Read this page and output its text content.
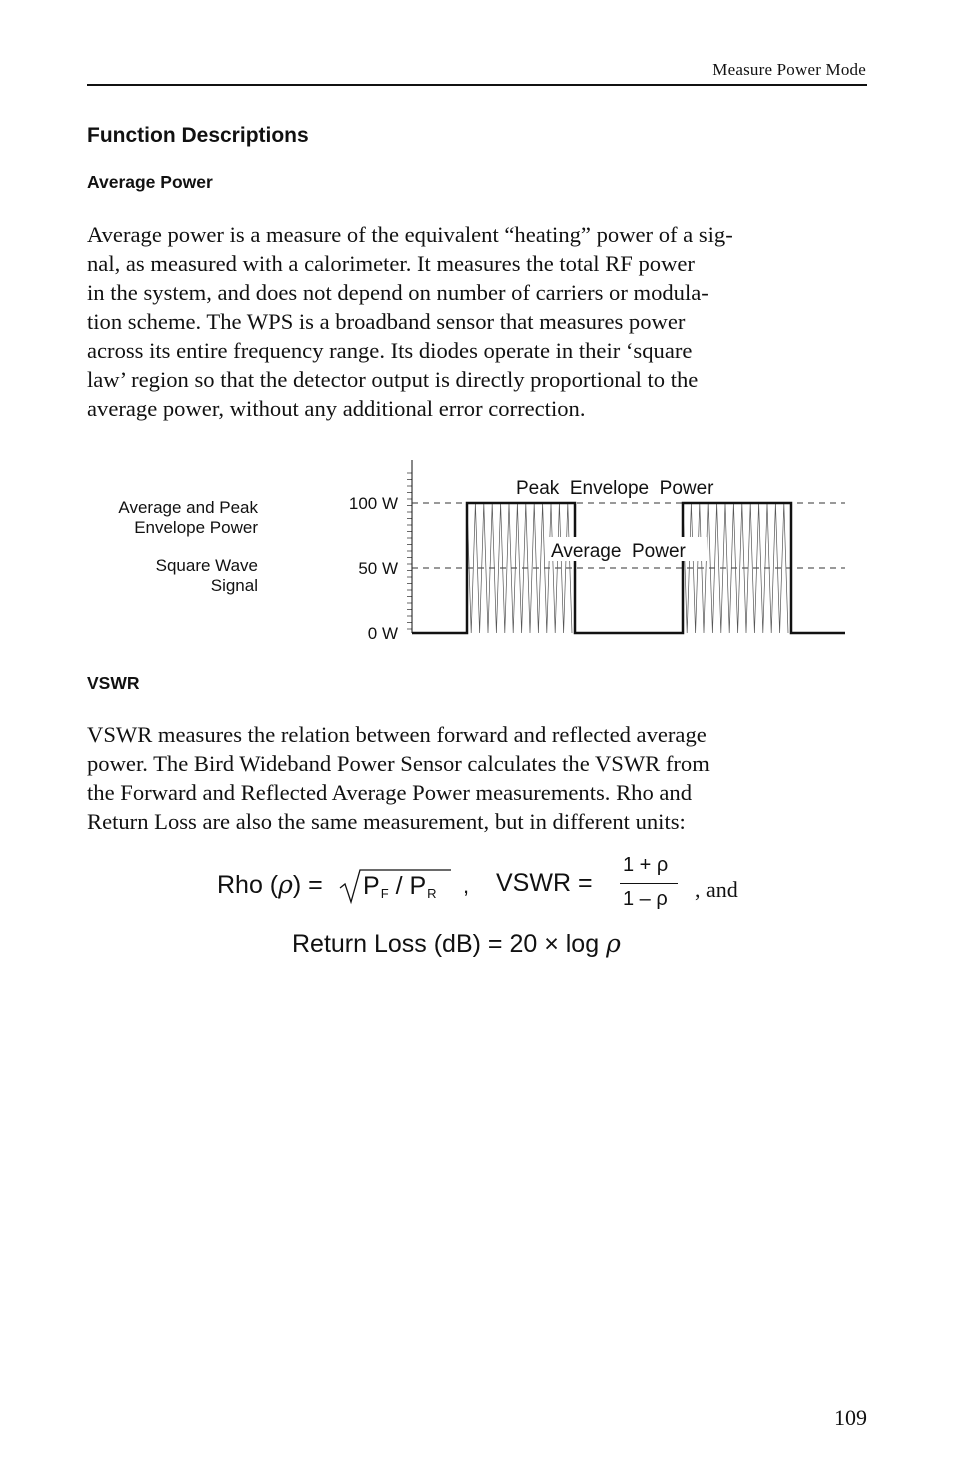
Measure Power Mode
Function Descriptions
Average Power

Average power is a measure of the equivalent “heating” power of a sig-
nal, as measured with a calorimeter. It measures the total RF power
in the system, and does not depend on number of carriers or modula-
tion scheme. The WPS is a broadband sensor that measures power
across its entire frequency range. Its diodes operate in their ‘square
law’ region so that the detector output is directly proportional to the
average power, without any additional error correction.

Average and Peak
Envelope Power
Square Wave
Signal
100 W
50 W
0 W
Peak  Envelope  Power
Average  Power
VSWR

VSWR measures the relation between forward and reflected average
power. The Bird Wideband Power Sensor calculates the VSWR from
the Forward and Reflected Average Power measurements. Rho and
Return Loss are also the same measurement, but in different units:

Rho (ρ) = PF / PR , VSWR =
1 + ρ
1 – ρ , and
Return Loss (dB) = 20 × log ρ
109
